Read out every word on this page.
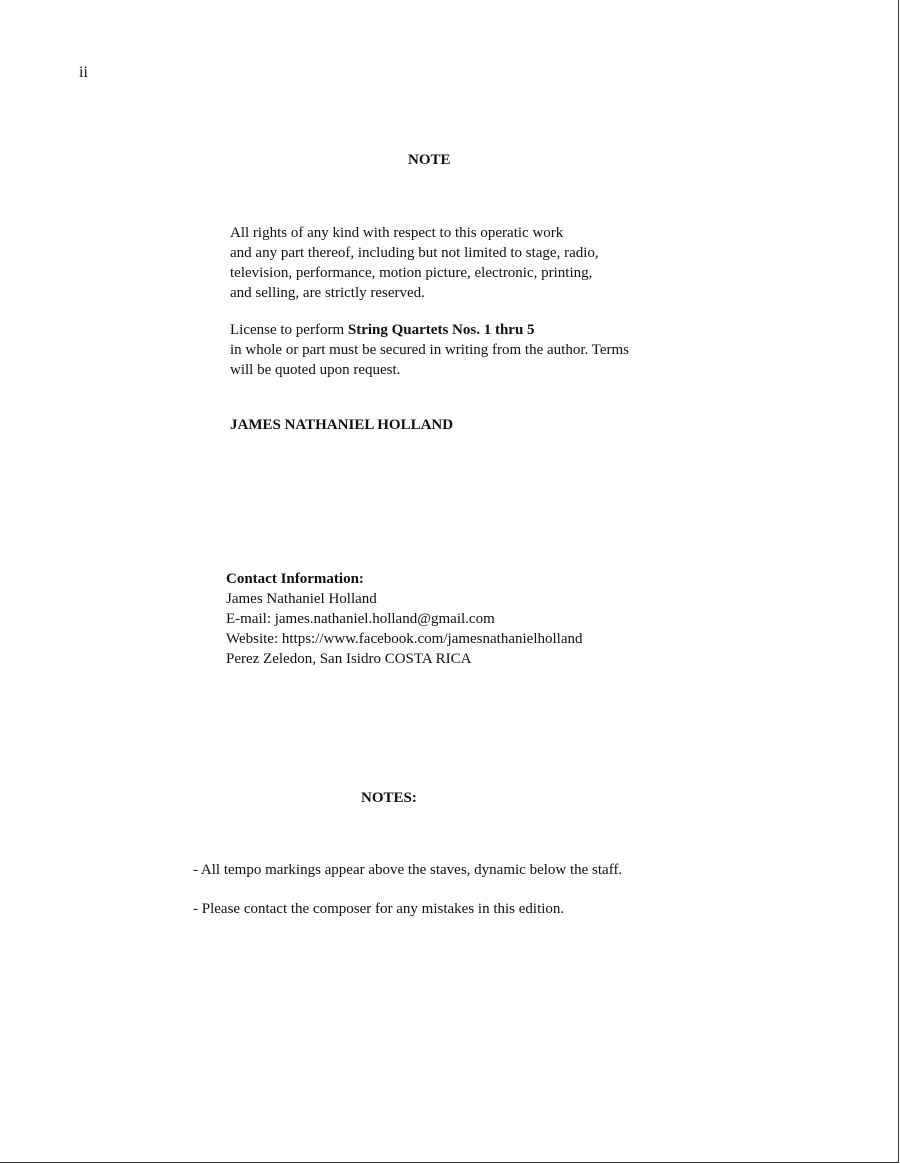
ii

NOTE

All rights of any kind with respect to this operatic work
and any part thereof, including but not limited to stage, radio,
television, performance, motion picture, electronic, printing,
and selling, are strictly reserved.
License to perform String Quartets Nos. 1 thru 5
in whole or part must be secured in writing from the author. Terms
will be quoted upon request.

JAMES NATHANIEL HOLLAND

Contact Information:
James Nathaniel Holland
E-mail: james.nathaniel.holland@gmail.com
Website: https://www.facebook.com/jamesnathanielholland
Perez Zeledon, San Isidro COSTA RICA

NOTES:

- All tempo markings appear above the staves, dynamic below the staff.

- Please contact the composer for any mistakes in this edition.
